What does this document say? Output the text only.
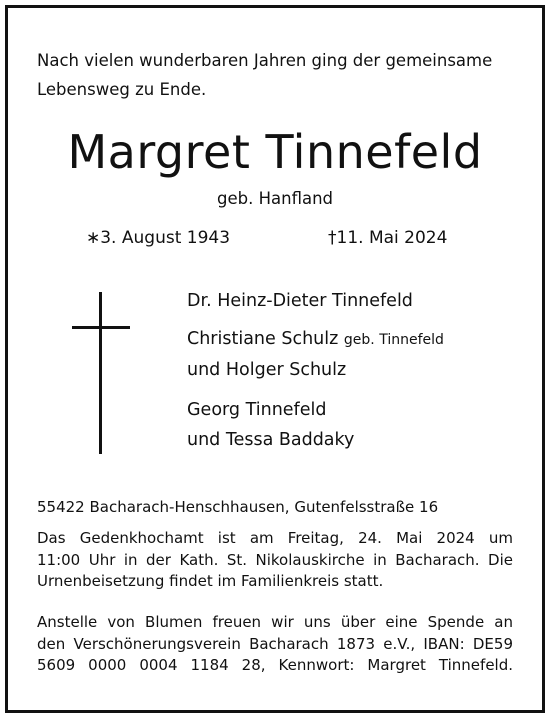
Nach vielen wunderbaren Jahren ging der gemeinsame
Lebensweg zu Ende.
Margret Tinnefeld
geb. Hanfland
∗3. August 1943	†11. Mai 2024
Dr. Heinz-Dieter Tinnefeld
Christiane Schulz geb. Tinnefeld
und Holger Schulz
Georg Tinnefeld
und Tessa Baddaky
55422 Bacharach-Henschhausen, Gutenfelsstraße 16
Das Gedenkhochamt ist am Freitag, 24. Mai 2024 um
11:00 Uhr in der Kath. St. Nikolauskirche in Bacharach. Die
Urnenbeisetzung findet im Familienkreis statt.
Anstelle von Blumen freuen wir uns über eine Spende an
den Verschönerungsverein Bacharach 1873 e.V., IBAN: DE59
5609 0000 0004 1184 28, Kennwort: Margret Tinnefeld.
